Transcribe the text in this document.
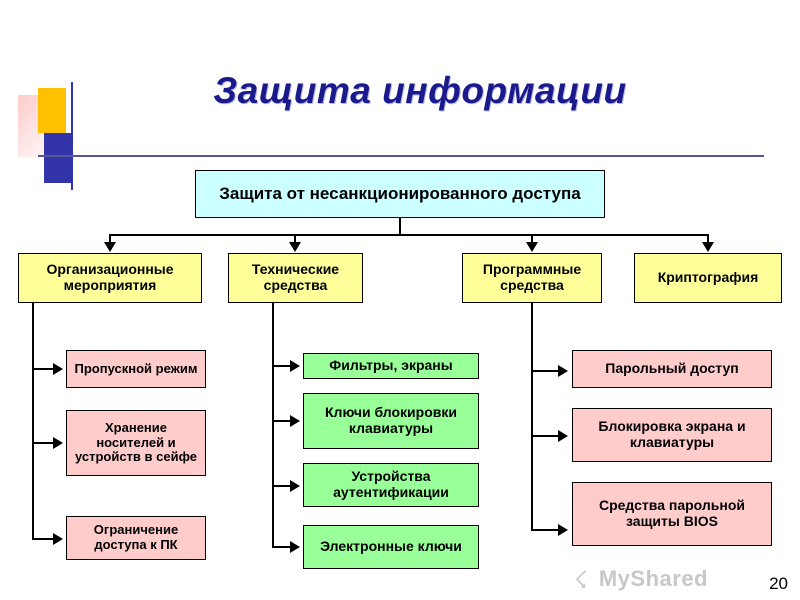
Защита информации
Защита от несанкционированного доступа
Организационные мероприятия
Технические средства
Программные средства	Криптография
Пропускной режим
Хранение носителей и устройств в сейфе
Ограничение доступа к ПК
Фильтры, экраны
Ключи блокировки клавиатуры
Устройства аутентификации
Электронные ключи
Парольный доступ
Блокировка экрана и клавиатуры
Средства парольной защиты BIOS
☇ MyShared	20
